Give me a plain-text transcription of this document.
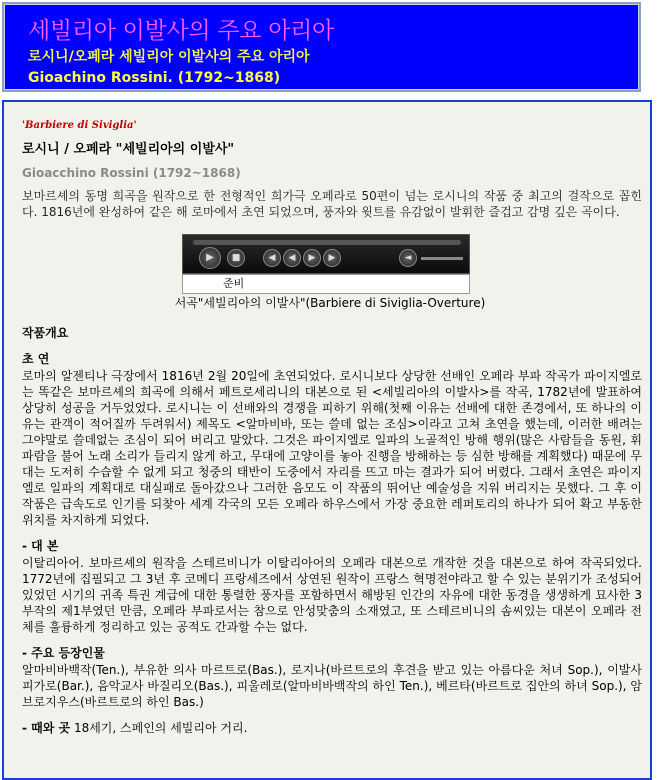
세빌리아 이발사의 주요 아리아
로시니/오페라 세빌리아 이발사의 주요 아리아
Gioachino Rossini. (1792~1868)
'Barbiere di Siviglia'
로시니 / 오페라 "세빌리아의 이발사"
Gioacchino Rossini (1792~1868)

보마르셰의 동명 희곡을 원작으로 한 전형적인 희가극 오페라로 50편이 넘는 로시니의 작품 중 최고의 걸작으로 꼽힌다. 1816년에 완성하여 같은 해 로마에서 초연 되었으며, 풍자와 윗트를 유감없이 발휘한 즐겁고 감명 깊은 곡이다.

▶	■	◀	◀	▶	▶	◄
준비
서곡"세빌리아의 이발사"(Barbiere di Siviglia-Overture)
작품개요
초 연

로마의 알젠티나 극장에서 1816년 2월 20일에 초연되었다. 로시니보다 상당한 선배인 오페라 부파 작곡가 파이지엘로는 똑같은 보마르셰의 희곡에 의해서 페트로세리니의 대본으로 된 <세빌리아의 이발사>를 작곡, 1782년에 발표하여 상당히 성공을 거두었었다. 로시니는 이 선배와의 경쟁을 피하기 위해(첫째 이유는 선배에 대한 존경에서, 또 하나의 이유는 관객이 적어질까 두려워서) 제목도 <알마비바, 또는 쓸데 없는 조심>이라고 고쳐 초연을 했는데, 이러한 배려는 그야말로 쓸데없는 조심이 되어 버리고 말았다. 그것은 파이지엘로 일파의 노골적인 방해 행위(많은 사람들을 동원, 휘파람을 불어 노래 소리가 들리지 않게 하고, 무대에 고양이를 놓아 진행을 방해하는 등 심한 방해를 계획했다) 때문에 무대는 도저히 수습할 수 없게 되고 청중의 태반이 도중에서 자리를 뜨고 마는 결과가 되어 버렸다. 그래서 초연은 파이지엘로 일파의 계획대로 대실패로 돌아갔으나 그러한 음모도 이 작품의 뛰어난 예술성을 지워 버리지는 못했다. 그 후 이 작품은 급속도로 인기를 되찾아 세계 각국의 모든 오페라 하우스에서 가장 중요한 레퍼토리의 하나가 되어 확고 부동한 위치를 차지하게 되었다.

- 대 본

이탈리아어. 보마르셰의 원작을 스테르비니가 이탈리아어의 오페라 대본으로 개작한 것을 대본으로 하여 작곡되었다. 1772년에 집필되고 그 3년 후 코메디 프랑세즈에서 상연된 원작이 프랑스 혁명전야라고 할 수 있는 분위기가 조성되어 있었던 시기의 귀족 특권 계급에 대한 통렬한 풍자를 포함하면서 해방된 인간의 자유에 대한 동경을 생생하게 묘사한 3부작의 제1부였던 만큼, 오페라 부파로서는 참으로 안성맞춤의 소재였고, 또 스테르비니의 솜씨있는 대본이 오페라 전체를 훌륭하게 정리하고 있는 공적도 간과할 수는 없다.

- 주요 등장인물

알마비바백작(Ten.), 부유한 의사 마르트로(Bas.), 로지나(바르트로의 후견을 받고 있는 아름다운 처녀 Sop.), 이발사 피가로(Bar.), 음악교사 바질리오(Bas.), 피울레로(알마비바백작의 하인 Ten.), 베르타(바르트로 집안의 하녀 Sop.), 암브로지우스(바르트로의 하인 Bas.)

- 때와 곳 18세기, 스페인의 세빌리아 거리.
